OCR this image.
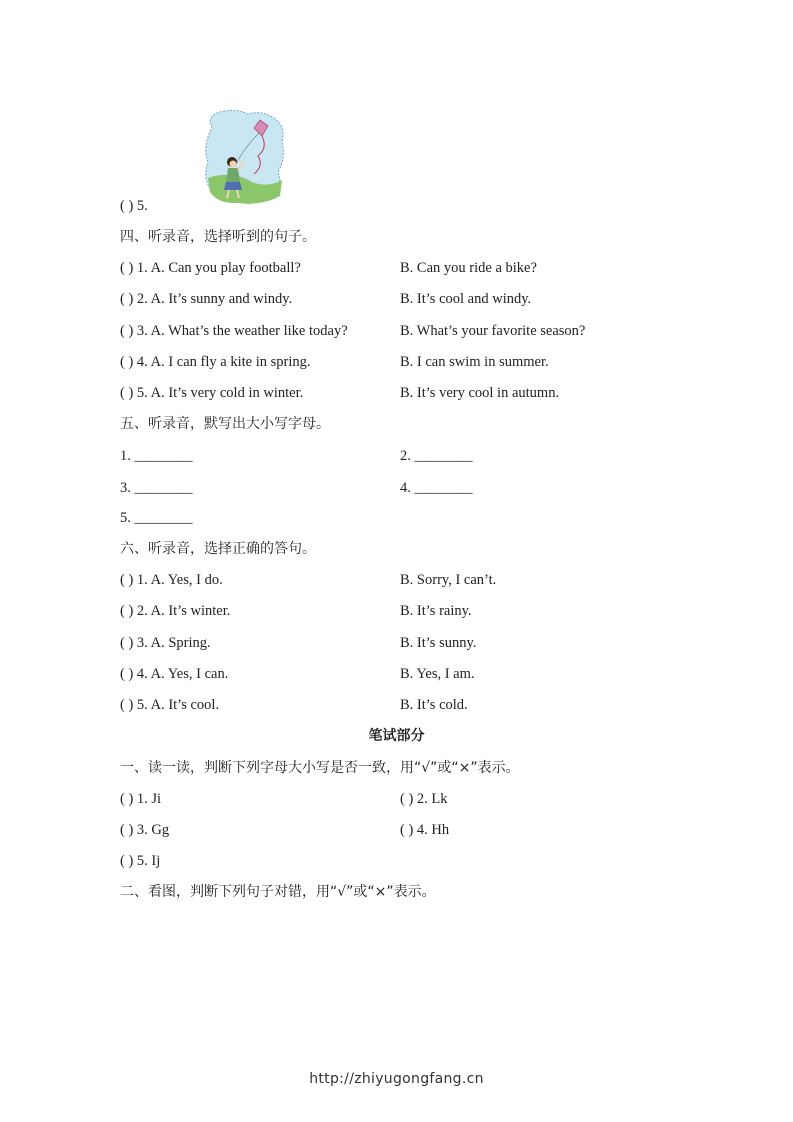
( ) 5.
四、听录音，选择听到的句子。
( ) 1. A. Can you play football?	B. Can you ride a bike?
( ) 2. A. It’s sunny and windy.	B. It’s cool and windy.
( ) 3. A. What’s the weather like today?	B. What’s your favorite season?
( ) 4. A. I can fly a kite in spring.	B. I can swim in summer.
( ) 5. A. It’s very cold in winter.	B. It’s very cool in autumn.
五、听录音，默写出大小写字母。
1. ________	2. ________
3. ________	4. ________
5. ________
六、听录音，选择正确的答句。
( ) 1. A. Yes, I do.	B. Sorry, I can’t.
( ) 2. A. It’s winter.	B. It’s rainy.
( ) 3. A. Spring.	B. It’s sunny.
( ) 4. A. Yes, I can.	B. Yes, I am.
( ) 5. A. It’s cool.	B. It’s cold.
笔试部分
一、读一读，判断下列字母大小写是否一致，用“√”或“×”表示。
( ) 1. Ji	( ) 2. Lk
( ) 3. Gg	( ) 4. Hh
( ) 5. Ij
二、看图，判断下列句子对错，用“√”或“×”表示。
http://zhiyugongfang.cn
